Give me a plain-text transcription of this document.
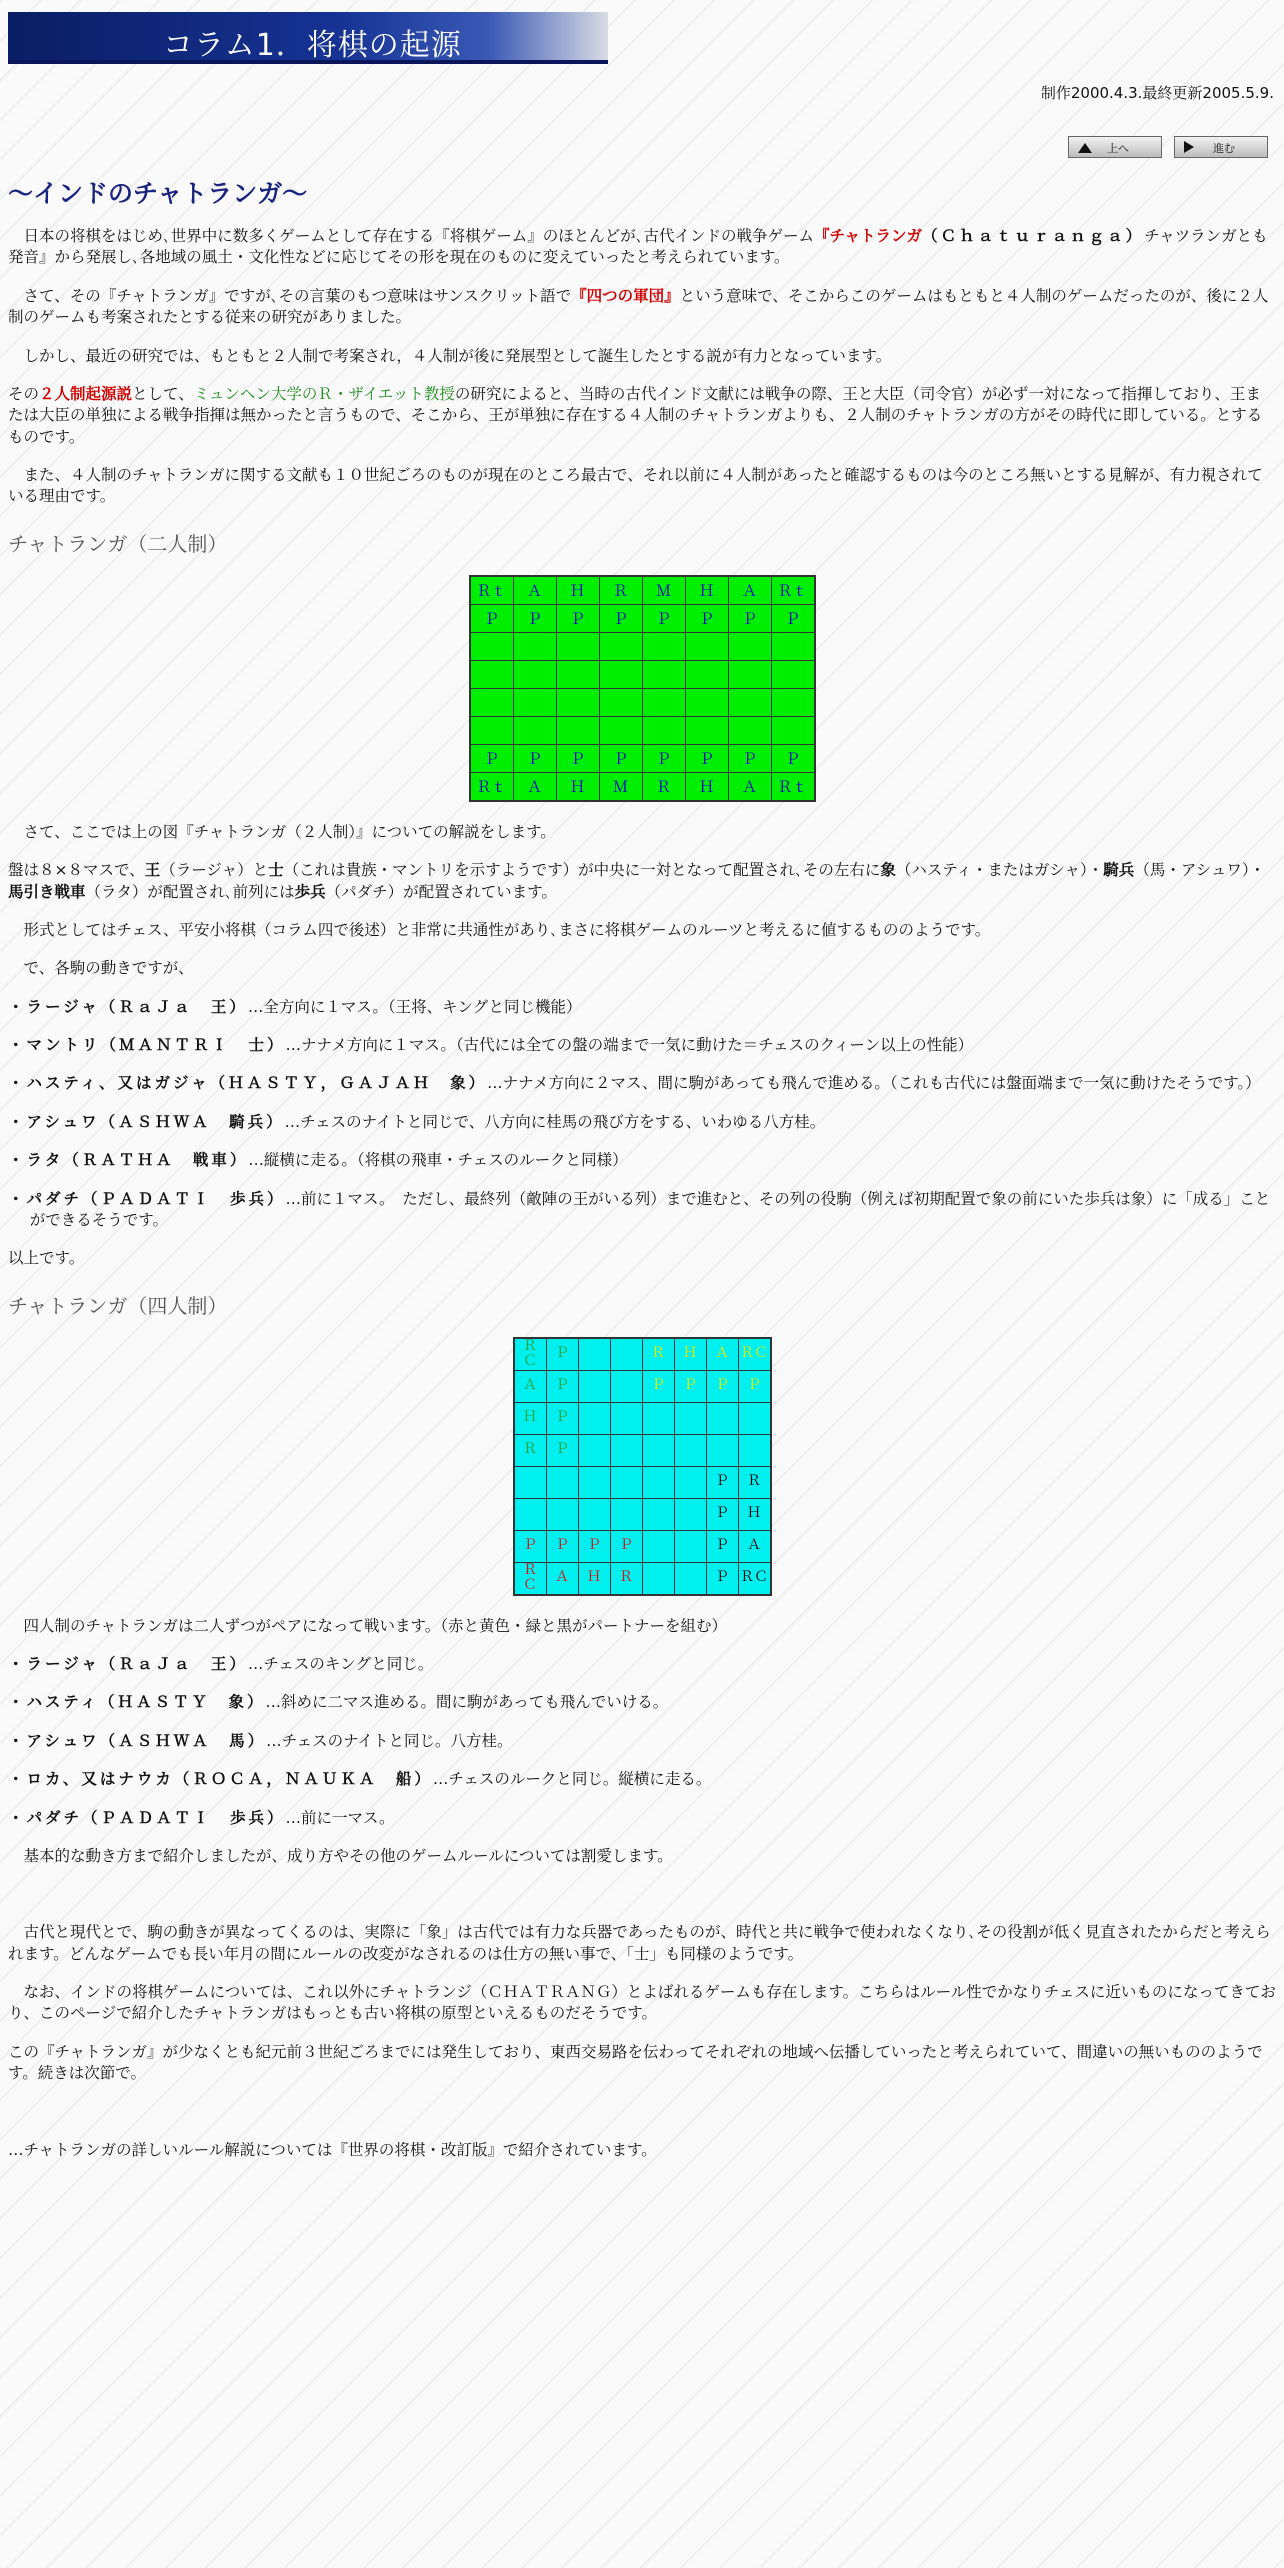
コラム1．将棋の起源
制作2000.4.3.最終更新2005.5.9.
上へ	進む
～インドのチャトランガ～

　日本の将棋をはじめ､世界中に数多くゲームとして存在する『将棋ゲーム』のほとんどが､古代インドの戦争ゲーム『チャトランガ（Ｃｈａｔｕｒａｎｇａ）チャツランガとも発音』から発展し､各地域の風土・文化性などに応じてその形を現在のものに変えていったと考えられています。

　さて、その『チャトランガ』ですが､その言葉のもつ意味はサンスクリット語で『四つの軍団』という意味で、そこからこのゲームはもともと４人制のゲームだったのが、後に２人制のゲームも考案されたとする従来の研究がありました。

　しかし、最近の研究では、もともと２人制で考案され，４人制が後に発展型として誕生したとする説が有力となっています。

その２人制起源説として、ミュンヘン大学のＲ・ザイエット教授の研究によると、当時の古代インド文献には戦争の際、王と大臣（司令官）が必ず一対になって指揮しており、王または大臣の単独による戦争指揮は無かったと言うもので、そこから、王が単独に存在する４人制のチャトランガよりも、２人制のチャトランガの方がその時代に即している。とするものです。

　また、４人制のチャトランガに関する文献も１０世紀ごろのものが現在のところ最古で、それ以前に４人制があったと確認するものは今のところ無いとする見解が、有力視されている理由です。

チャトランガ（二人制）
Ｒｔ	Ａ	Ｈ	Ｒ	Ｍ	Ｈ	Ａ	Ｒｔ
Ｐ	Ｐ	Ｐ	Ｐ	Ｐ	Ｐ	Ｐ	Ｐ

Ｐ	Ｐ	Ｐ	Ｐ	Ｐ	Ｐ	Ｐ	Ｐ
Ｒｔ	Ａ	Ｈ	Ｍ	Ｒ	Ｈ	Ａ	Ｒｔ

　さて、ここでは上の図『チャトランガ（２人制）』についての解説をします。

盤は８×８マスで、王（ラージャ）と士（これは貴族・マントリを示すようです）が中央に一対となって配置され､その左右に象（ハスティ・またはガシャ）・騎兵（馬・アシュワ）・馬引き戦車（ラタ）が配置され､前列には歩兵（パダチ）が配置されています。

　形式としてはチェス、平安小将棋（コラム四で後述）と非常に共通性があり､まさに将棋ゲームのルーツと考えるに値するもののようです。

　で、各駒の動きですが、

・ラージャ（ＲａＪａ　王）…全方向に１マス。（王将、キングと同じ機能）

・マントリ（ＭＡＮＴＲＩ　士）…ナナメ方向に１マス。（古代には全ての盤の端まで一気に動けた＝チェスのクィーン以上の性能）

・ハスティ、又はガジャ（ＨＡＳＴＹ，ＧＡＪＡＨ　象）…ナナメ方向に２マス、間に駒があっても飛んで進める。（これも古代には盤面端まで一気に動けたそうです。）

・アシュワ（ＡＳＨＷＡ　騎兵）…チェスのナイトと同じで、八方向に桂馬の飛び方をする、いわゆる八方桂。

・ラタ（ＲＡＴＨＡ　戦車）…縦横に走る。（将棋の飛車・チェスのルークと同様）

・パダチ（ＰＡＤＡＴＩ　歩兵）…前に１マス。　ただし、最終列（敵陣の王がいる列）まで進むと、その列の役駒（例えば初期配置で象の前にいた歩兵は象）に「成る」ことができるそうです。

以上です。

チャトランガ（四人制）
Ｒ Ｃ	Ｐ			Ｒ	Ｈ	Ａ	ＲＣ
Ａ	Ｐ			Ｐ	Ｐ	Ｐ	Ｐ
Ｈ	Ｐ						
Ｒ	Ｐ						
						Ｐ	Ｒ
						Ｐ	Ｈ
Ｐ	Ｐ	Ｐ	Ｐ			Ｐ	Ａ
Ｒ Ｃ	Ａ	Ｈ	Ｒ			Ｐ	ＲＣ

　四人制のチャトランガは二人ずつがペアになって戦います。（赤と黄色・緑と黒がパートナーを組む）

・ラージャ（ＲａＪａ　王）…チェスのキングと同じ。

・ハスティ（ＨＡＳＴＹ　象）…斜めに二マス進める。間に駒があっても飛んでいける。

・アシュワ（ＡＳＨＷＡ　馬）…チェスのナイトと同じ。八方桂。

・ロカ、又はナウカ（ＲＯＣＡ，ＮＡＵＫＡ　船）…チェスのルークと同じ。縦横に走る。

・パダチ（ＰＡＤＡＴＩ　歩兵）…前に一マス。

　基本的な動き方まで紹介しましたが、成り方やその他のゲームルールについては割愛します。

　古代と現代とで、駒の動きが異なってくるのは、実際に「象」は古代では有力な兵器であったものが、時代と共に戦争で使われなくなり､その役割が低く見直されたからだと考えられます。どんなゲームでも長い年月の間にルールの改変がなされるのは仕方の無い事で、「士」も同様のようです。

　なお、インドの将棋ゲームについては、これ以外にチャトランジ（ＣＨＡＴＲＡＮＧ）とよばれるゲームも存在します。こちらはルール性でかなりチェスに近いものになってきており、このページで紹介したチャトランガはもっとも古い将棋の原型といえるものだそうです。

この『チャトランガ』が少なくとも紀元前３世紀ごろまでには発生しており、東西交易路を伝わってそれぞれの地域へ伝播していったと考えられていて、間違いの無いもののようです。続きは次節で。

…チャトランガの詳しいルール解説については『世界の将棋・改訂版』で紹介されています。
